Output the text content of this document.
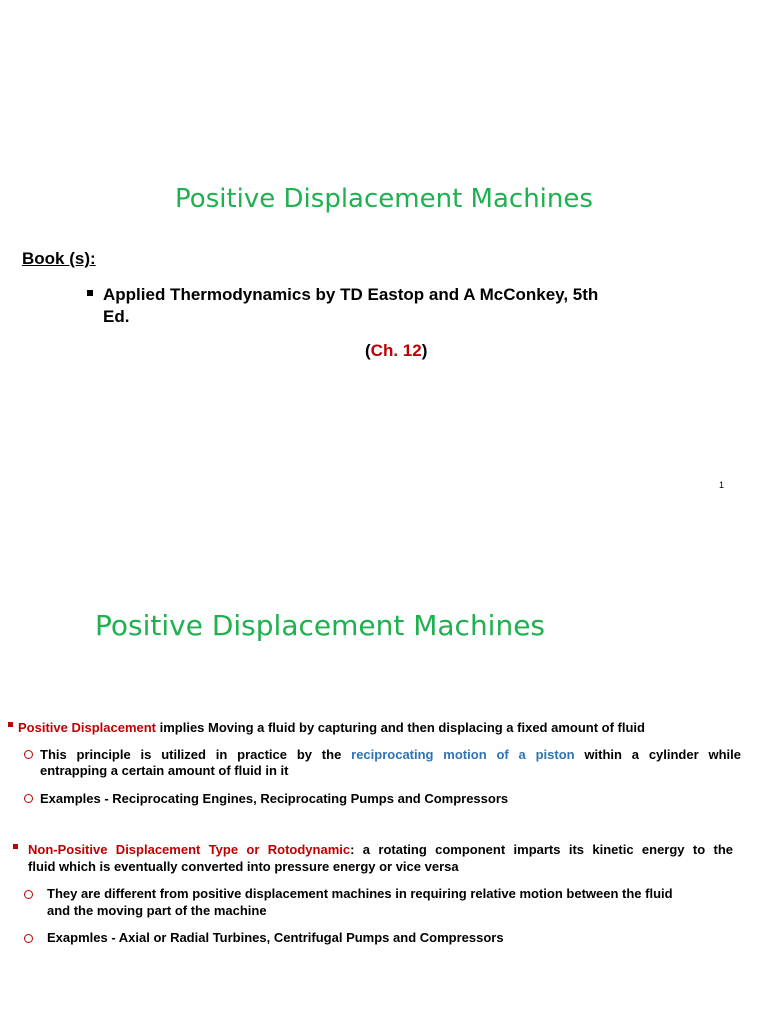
Positive Displacement Machines
Book (s):
Applied Thermodynamics by TD Eastop and A McConkey, 5th
Ed.
(Ch. 12)
1
Positive Displacement Machines
Positive Displacement implies Moving a fluid by capturing and then displacing a fixed amount of fluid
This principle is utilized in practice by the reciprocating motion of a piston within a cylinder while
entrapping a certain amount of fluid in it
Examples - Reciprocating Engines, Reciprocating Pumps and Compressors
Non-Positive Displacement Type or Rotodynamic: a rotating component imparts its kinetic energy to the
fluid which is eventually converted into pressure energy or vice versa
They are different from positive displacement machines in requiring relative motion between the fluid
and the moving part of the machine
Exapmles - Axial or Radial Turbines, Centrifugal Pumps and Compressors
